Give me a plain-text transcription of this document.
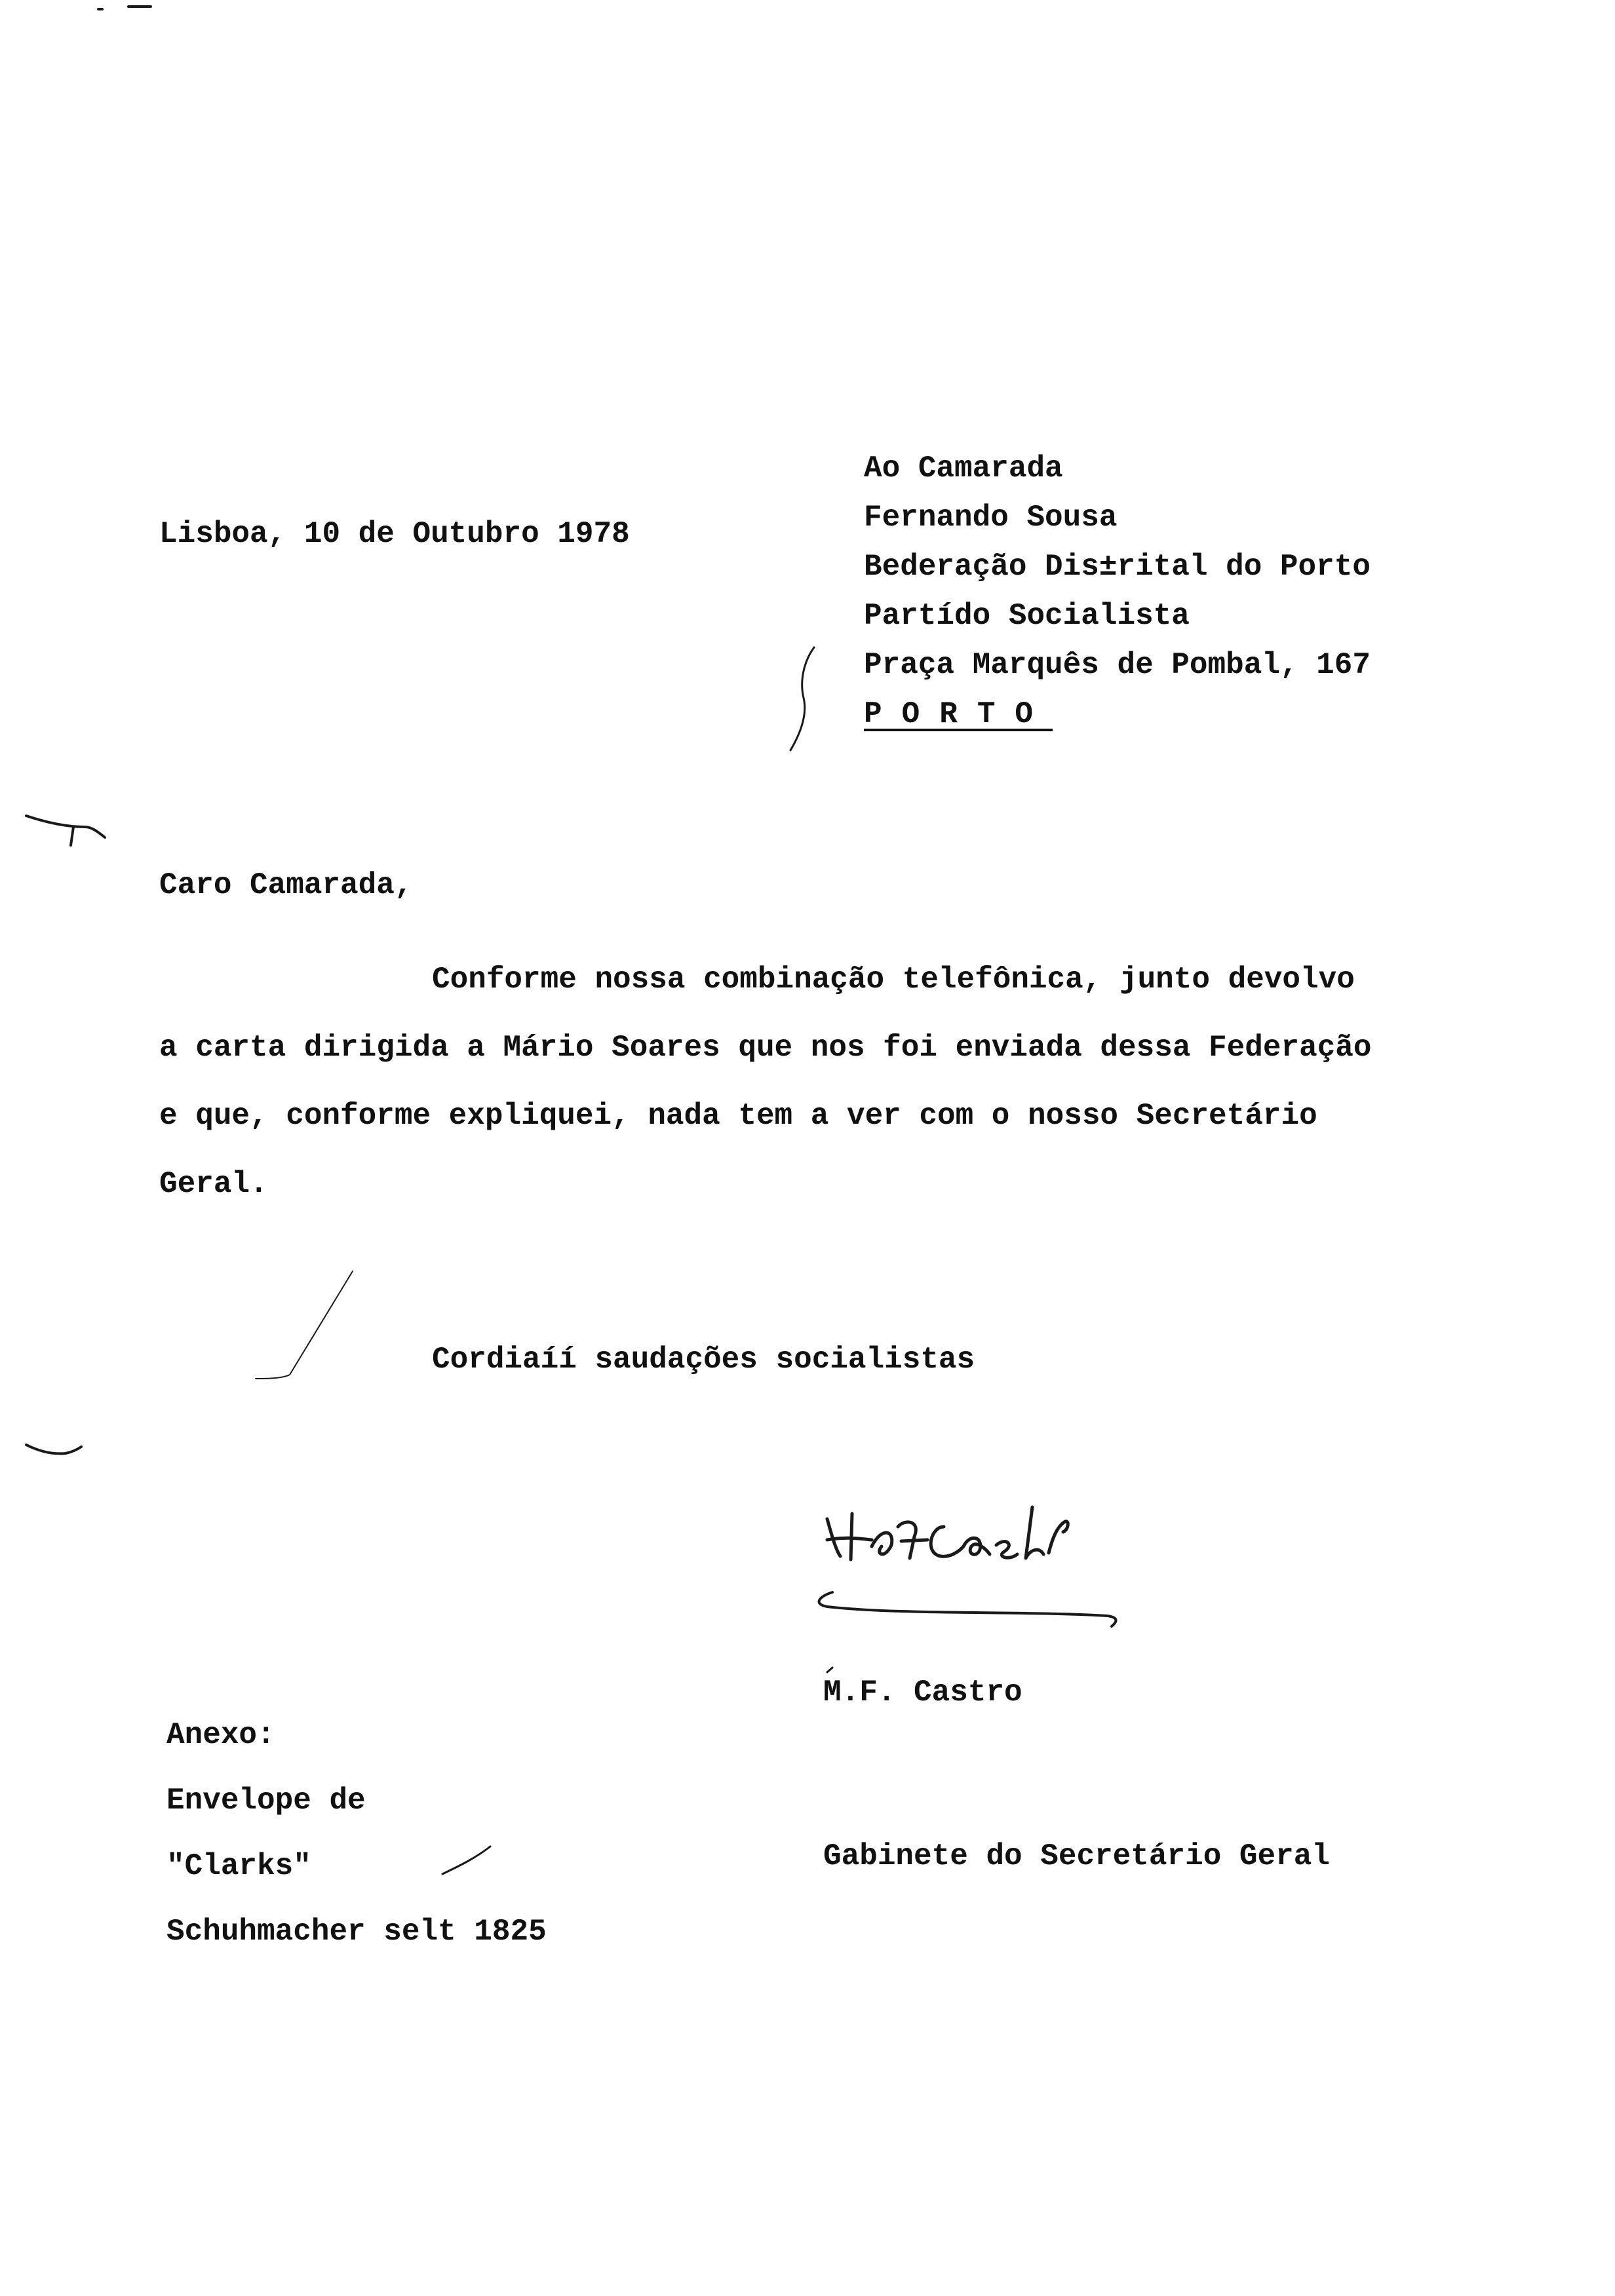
Ao Camarada
Fernando Sousa
Bederação Dis±rital do Porto
Partído Socialista
Praça Marquês de Pombal, 167
PORTO
Lisboa, 10 de Outubro 1978
Caro Camarada,
Conforme nossa combinação telefônica, junto devolvo
a carta dirigida a Mário Soares que nos foi enviada dessa Federação
e que, conforme expliquei, nada tem a ver com o nosso Secretário
Geral.
Cordiaíí saudações socialistas
M.F. Castro
Gabinete do Secretário Geral
Anexo:
Envelope de
"Clarks"
Schuhmacher selt 1825
